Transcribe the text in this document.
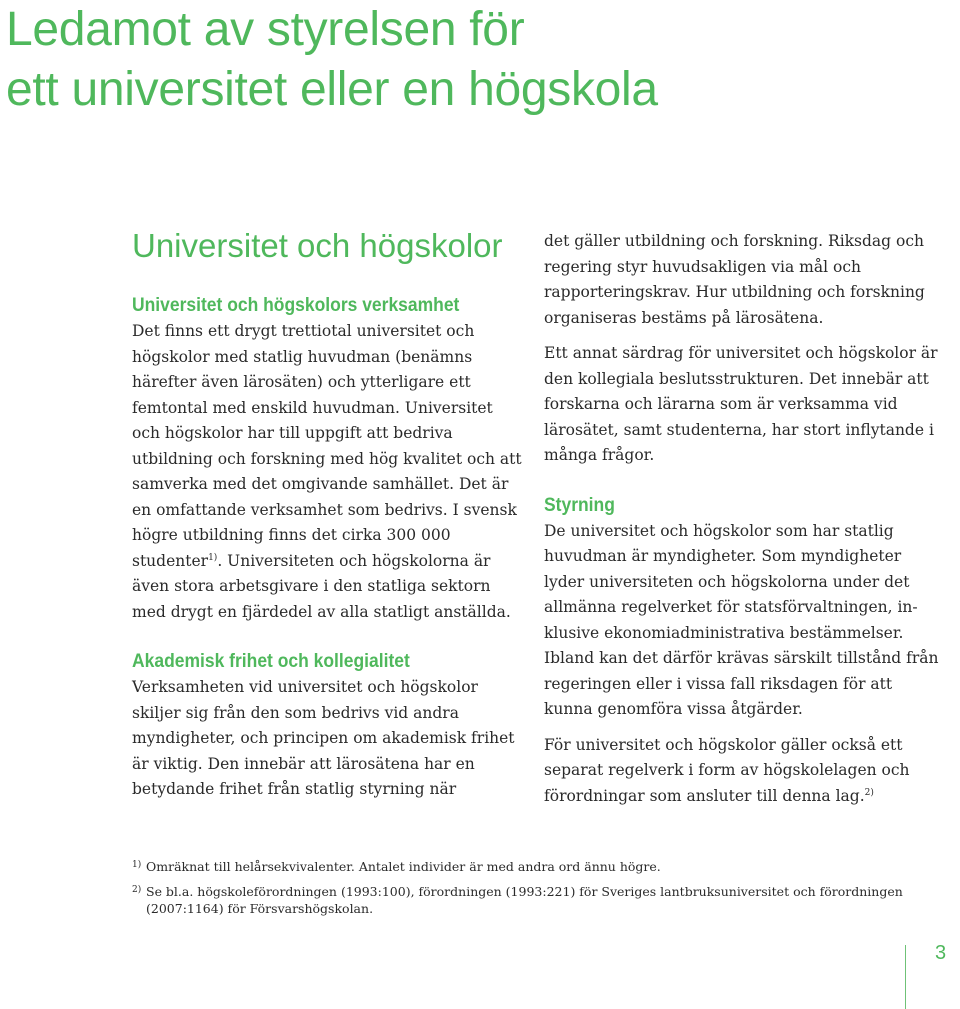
Ledamot av styrelsen för
ett universitet eller en högskola
Universitet och högskolor
Universitet och högskolors verksamhet

Det finns ett drygt trettiotal universitet och högskolor med statlig huvudman (benämns härefter även lärosäten) och ytterligare ett femtontal med enskild huvudman. Universitet och högskolor har till uppgift att bedriva utbildning och forskning med hög kvalitet och att samverka med det omgivande samhället. Det är en omfattande verksamhet som bedrivs. I svensk högre utbildning finns det cirka 300 000 studenter$^{1)}$. Universiteten och högskolorna är även stora arbetsgivare i den statliga sektorn med drygt en fjärdedel av alla statligt anställda.

Akademisk frihet och kollegialitet

Verksamheten vid universitet och högskolor skiljer sig från den som bedrivs vid andra myndigheter, och principen om akademisk frihet är viktig. Den innebär att lärosätena har en betydande frihet från statlig styrning när

det gäller utbildning och forskning. Riksdag och regering styr huvudsakligen via mål och rapporteringskrav. Hur utbildning och forskning organiseras bestäms på lärosätena.

Ett annat särdrag för universitet och högskolor är den kollegiala beslutsstrukturen. Det innebär att forskarna och lärarna som är verksamma vid lärosätet, samt studenterna, har stort inflytande i många frågor.

Styrning

De universitet och högskolor som har statlig huvudman är myndigheter. Som myndigheter lyder universiteten och högskolorna under det allmänna regelverket för statsförvaltningen, inklusive ekonomiadministrativa bestämmelser. Ibland kan det därför krävas särskilt tillstånd från regeringen eller i vissa fall riksdagen för att kunna genomföra vissa åtgärder.

För universitet och högskolor gäller också ett separat regelverk i form av högskolelagen och förordningar som ansluter till denna lag.$^{2)}$

1) Omräknat till helårsekvivalenter. Antalet individer är med andra ord ännu högre.
2) Se bl.a. högskoleförordningen (1993:100), förordningen (1993:221) för Sveriges lantbruksuniversitet och förordningen (2007:1164) för Försvarshögskolan.
3
